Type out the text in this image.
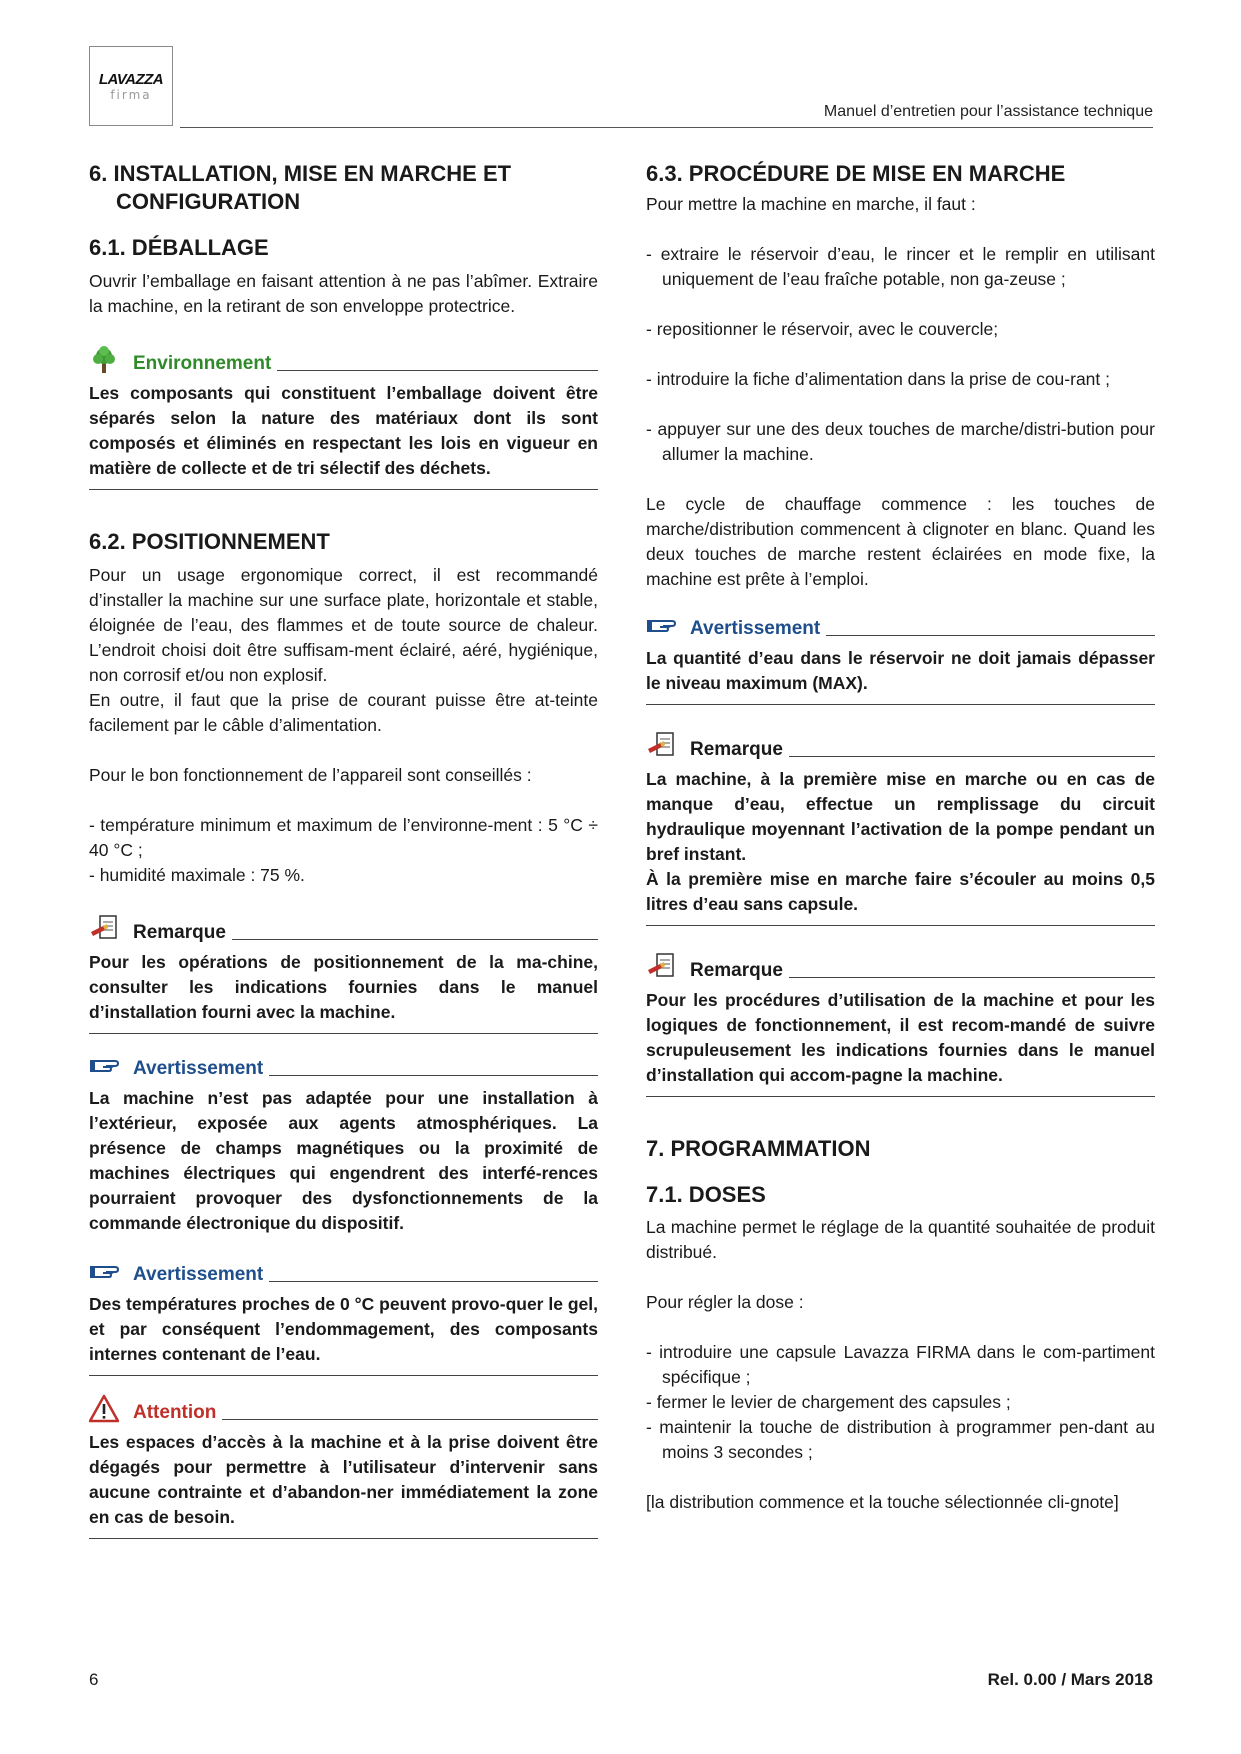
LAVAZZA
firma
Manuel d’entretien pour l’assistance technique
6. INSTALLATION, MISE EN MARCHE ET
CONFIGURATION
6.1. DÉBALLAGE

Ouvrir l’emballage en faisant attention à ne pas l’abîmer. Extraire la machine, en la retirant de son enveloppe protectrice.

Environnement

Les composants qui constituent l’emballage doivent être séparés selon la nature des matériaux dont ils sont composés et éliminés en respectant les lois en vigueur en matière de collecte et de tri sélectif des déchets.

6.2. POSITIONNEMENT

Pour un usage ergonomique correct, il est recommandé d’installer la machine sur une surface plate, horizontale et stable, éloignée de l’eau, des flammes et de toute source de chaleur. L’endroit choisi doit être suffisam-ment éclairé, aéré, hygiénique, non corrosif et/ou non explosif.

En outre, il faut que la prise de courant puisse être at-teinte facilement par le câble d’alimentation.

Pour le bon fonctionnement de l’appareil sont conseillés :

- température minimum et maximum de l’environne-ment : 5 °C ÷ 40 °C ;

- humidité maximale : 75 %.

Remarque

Pour les opérations de positionnement de la ma-chine, consulter les indications fournies dans le manuel d’installation fourni avec la machine.

Avertissement

La machine n’est pas adaptée pour une installation à l’extérieur, exposée aux agents atmosphériques. La présence de champs magnétiques ou la proximité de machines électriques qui engendrent des interfé-rences pourraient provoquer des dysfonctionnements de la commande électronique du dispositif.

Avertissement

Des températures proches de 0 °C peuvent provo-quer le gel, et par conséquent l’endommagement, des composants internes contenant de l’eau.

Attention

Les espaces d’accès à la machine et à la prise doivent être dégagés pour permettre à l’utilisateur d’intervenir sans aucune contrainte et d’abandon-ner immédiatement la zone en cas de besoin.

6.3. PROCÉDURE DE MISE EN MARCHE

Pour mettre la machine en marche, il faut :

- extraire le réservoir d’eau, le rincer et le remplir en utilisant uniquement de l’eau fraîche potable, non ga-zeuse ;

- repositionner le réservoir, avec le couvercle;

- introduire la fiche d’alimentation dans la prise de cou-rant ;

- appuyer sur une des deux touches de marche/distri-bution pour allumer la machine.

Le cycle de chauffage commence : les touches de marche/distribution commencent à clignoter en blanc. Quand les deux touches de marche restent éclairées en mode fixe, la machine est prête à l’emploi.

Avertissement

La quantité d’eau dans le réservoir ne doit jamais dépasser le niveau maximum (MAX).

Remarque

La machine, à la première mise en marche ou en cas de manque d’eau, effectue un remplissage du circuit hydraulique moyennant l’activation de la pompe pendant un bref instant.

À la première mise en marche faire s’écouler au moins 0,5 litres d’eau sans capsule.

Remarque

Pour les procédures d’utilisation de la machine et pour les logiques de fonctionnement, il est recom-mandé de suivre scrupuleusement les indications fournies dans le manuel d’installation qui accom-pagne la machine.

7. PROGRAMMATION
7.1. DOSES

La machine permet le réglage de la quantité souhaitée de produit distribué.

Pour régler la dose :

- introduire une capsule Lavazza FIRMA dans le com-partiment spécifique ;

- fermer le levier de chargement des capsules ;

- maintenir la touche de distribution à programmer pen-dant au moins 3 secondes ;

[la distribution commence et la touche sélectionnée cli-gnote]

6	Rel. 0.00 / Mars 2018
